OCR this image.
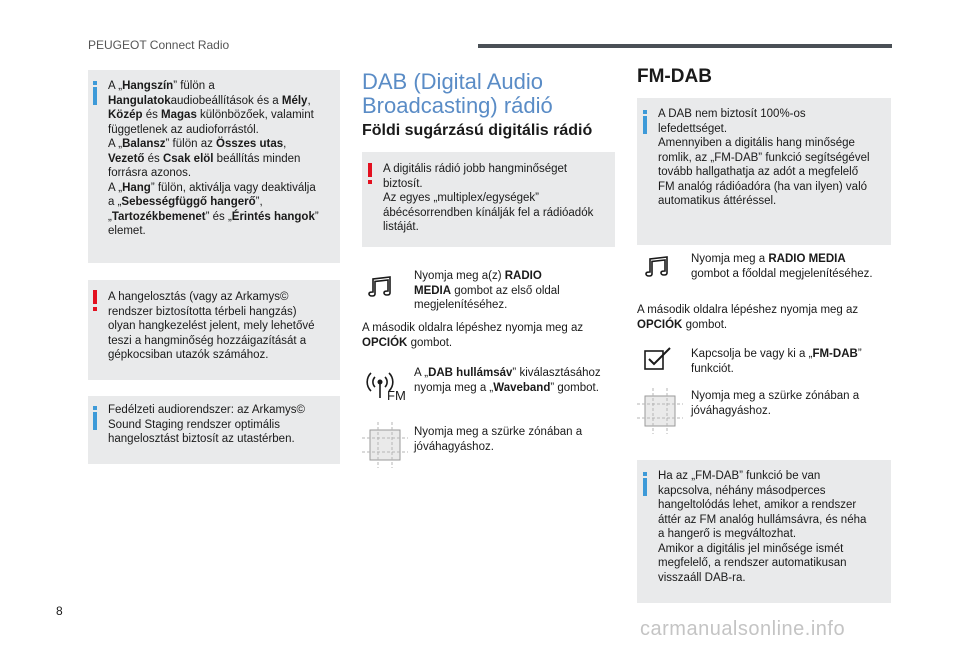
PEUGEOT Connect Radio
A „Hangszín” fülön a
Hangulatokaudiobeállítások és a Mély,
Közép és Magas különbözőek, valamint
függetlenek az audioforrástól.
A „Balansz” fülön az Összes utas,
Vezető és Csak elöl beállítás minden
forrásra azonos.
A „Hang” fülön, aktiválja vagy deaktiválja
a „Sebességfüggő hangerő”,
„Tartozékbemenet” és „Érintés hangok”
elemet.
A hangelosztás (vagy az Arkamys©
rendszer biztosította térbeli hangzás)
olyan hangkezelést jelent, mely lehetővé
teszi a hangminőség hozzáigazítását a
gépkocsiban utazók számához.
Fedélzeti audiorendszer: az Arkamys©
Sound Staging rendszer optimális
hangelosztást biztosít az utastérben.
DAB (Digital Audio
Broadcasting) rádió
Földi sugárzású digitális rádió
A digitális rádió jobb hangminőséget
biztosít.
Az egyes „multiplex/egységek”
ábécésorrendben kínálják fel a rádióadók
listáját.
Nyomja meg a(z) RADIO
MEDIA gombot az első oldal
megjelenítéséhez.
A második oldalra lépéshez nyomja meg az
OPCIÓK gombot.
FM
A „DAB hullámsáv” kiválasztásához
nyomja meg a „Waveband” gombot.
Nyomja meg a szürke zónában a
jóváhagyáshoz.
FM-DAB
A DAB nem biztosít 100%-os
lefedettséget.
Amennyiben a digitális hang minősége
romlik, az „FM-DAB” funkció segítségével
tovább hallgathatja az adót a megfelelő
FM analóg rádióadóra (ha van ilyen) való
automatikus áttéréssel.
Nyomja meg a RADIO MEDIA
gombot a főoldal megjelenítéséhez.
A második oldalra lépéshez nyomja meg az
OPCIÓK gombot.
Kapcsolja be vagy ki a „FM-DAB”
funkciót.
Nyomja meg a szürke zónában a
jóváhagyáshoz.
Ha az „FM-DAB” funkció be van
kapcsolva, néhány másodperces
hangeltolódás lehet, amikor a rendszer
áttér az FM analóg hullámsávra, és néha
a hangerő is megváltozhat.
Amikor a digitális jel minősége ismét
megfelelő, a rendszer automatikusan
visszaáll DAB-ra.
8
carmanualsonline.info
